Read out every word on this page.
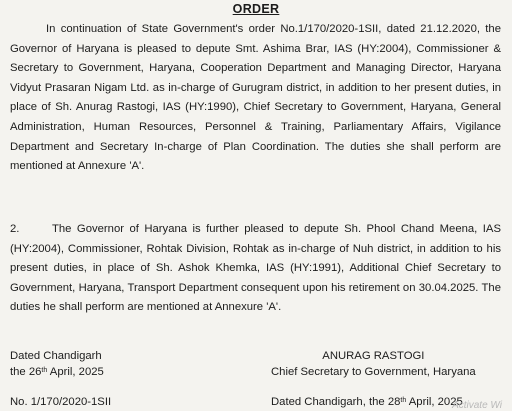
ORDER
In continuation of State Government's order No.1/170/2020-1SII, dated 21.12.2020, the Governor of Haryana is pleased to depute Smt. Ashima Brar, IAS (HY:2004), Commissioner & Secretary to Government, Haryana, Cooperation Department and Managing Director, Haryana Vidyut Prasaran Nigam Ltd. as in-charge of Gurugram district, in addition to her present duties, in place of Sh. Anurag Rastogi, IAS (HY:1990), Chief Secretary to Government, Haryana, General Administration, Human Resources, Personnel & Training, Parliamentary Affairs, Vigilance Department and Secretary In-charge of Plan Coordination. The duties she shall perform are mentioned at Annexure 'A'.
2.	The Governor of Haryana is further pleased to depute Sh. Phool Chand Meena, IAS (HY:2004), Commissioner, Rohtak Division, Rohtak as in-charge of Nuh district, in addition to his present duties, in place of Sh. Ashok Khemka, IAS (HY:1991), Additional Chief Secretary to Government, Haryana, Transport Department consequent upon his retirement on 30.04.2025. The duties he shall perform are mentioned at Annexure 'A'.
Dated Chandigarh
the 26th April, 2025
No. 1/170/2020-1SII
ANURAG RASTOGI
Chief Secretary to Government, Haryana
Dated Chandigarh, the 28th April, 2025
Activate Wi
